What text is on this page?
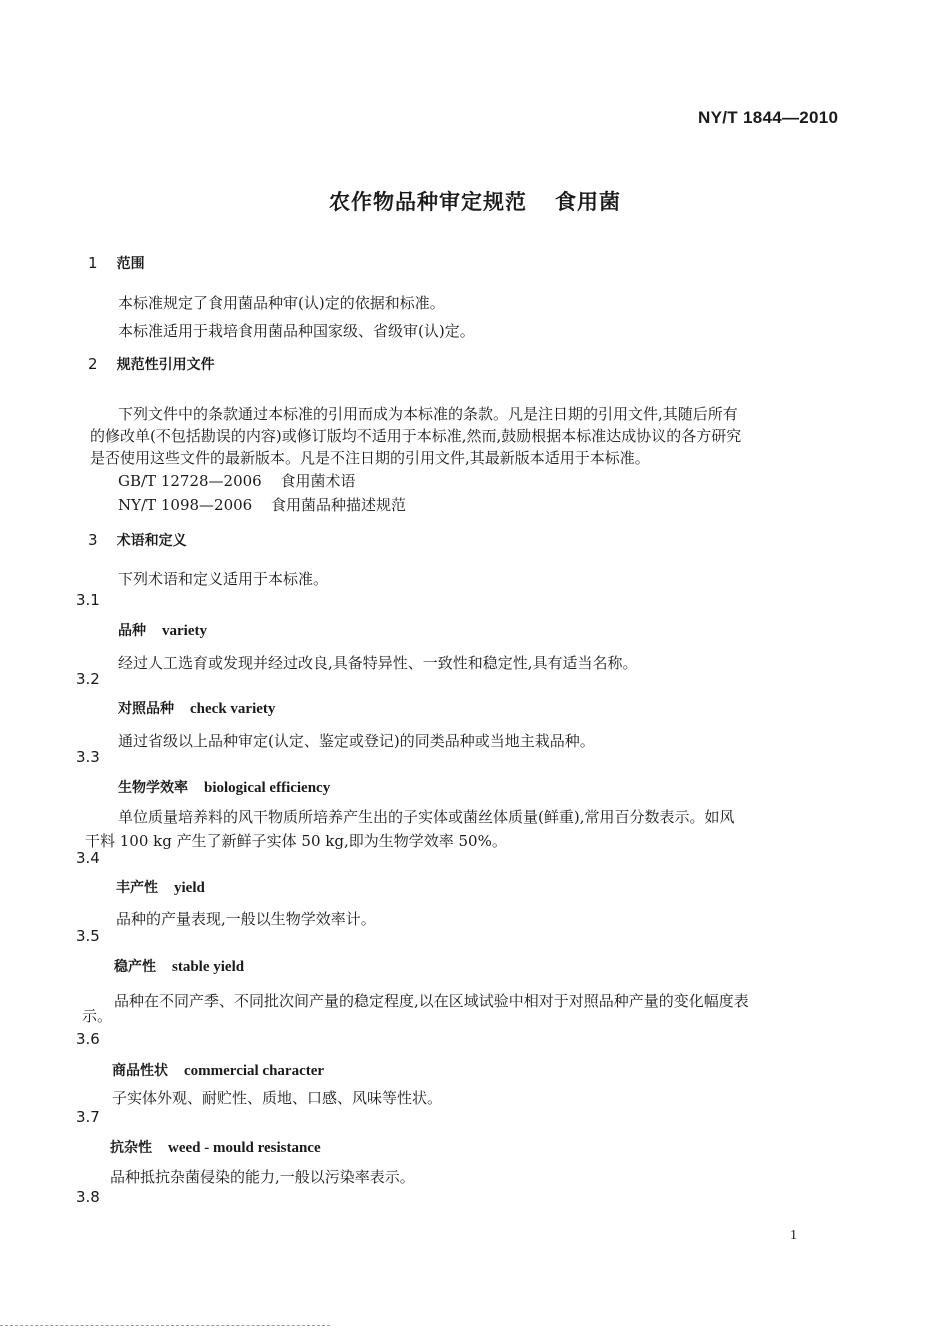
NY/T 1844—2010
农作物品种审定规范 食用菌
1 范围
本标准规定了食用菌品种审(认)定的依据和标准。
本标准适用于栽培食用菌品种国家级、省级审(认)定。
2 规范性引用文件
下列文件中的条款通过本标准的引用而成为本标准的条款。凡是注日期的引用文件,其随后所有
的修改单(不包括勘误的内容)或修订版均不适用于本标准,然而,鼓励根据本标准达成协议的各方研究
是否使用这些文件的最新版本。凡是不注日期的引用文件,其最新版本适用于本标准。
GB/T 12728—2006 食用菌术语
NY/T 1098—2006 食用菌品种描述规范
3 术语和定义
下列术语和定义适用于本标准。
3.1
品种 variety
经过人工选育或发现并经过改良,具备特异性、一致性和稳定性,具有适当名称。
3.2
对照品种 check variety
通过省级以上品种审定(认定、鉴定或登记)的同类品种或当地主栽品种。
3.3
生物学效率 biological efficiency
单位质量培养料的风干物质所培养产生出的子实体或菌丝体质量(鲜重),常用百分数表示。如风
干料 100 kg 产生了新鲜子实体 50 kg,即为生物学效率 50%。
3.4
丰产性 yield
品种的产量表现,一般以生物学效率计。
3.5
稳产性 stable yield
品种在不同产季、不同批次间产量的稳定程度,以在区域试验中相对于对照品种产量的变化幅度表
示。
3.6
商品性状 commercial character
子实体外观、耐贮性、质地、口感、风味等性状。
3.7
抗杂性 weed - mould resistance
品种抵抗杂菌侵染的能力,一般以污染率表示。
3.8
1
